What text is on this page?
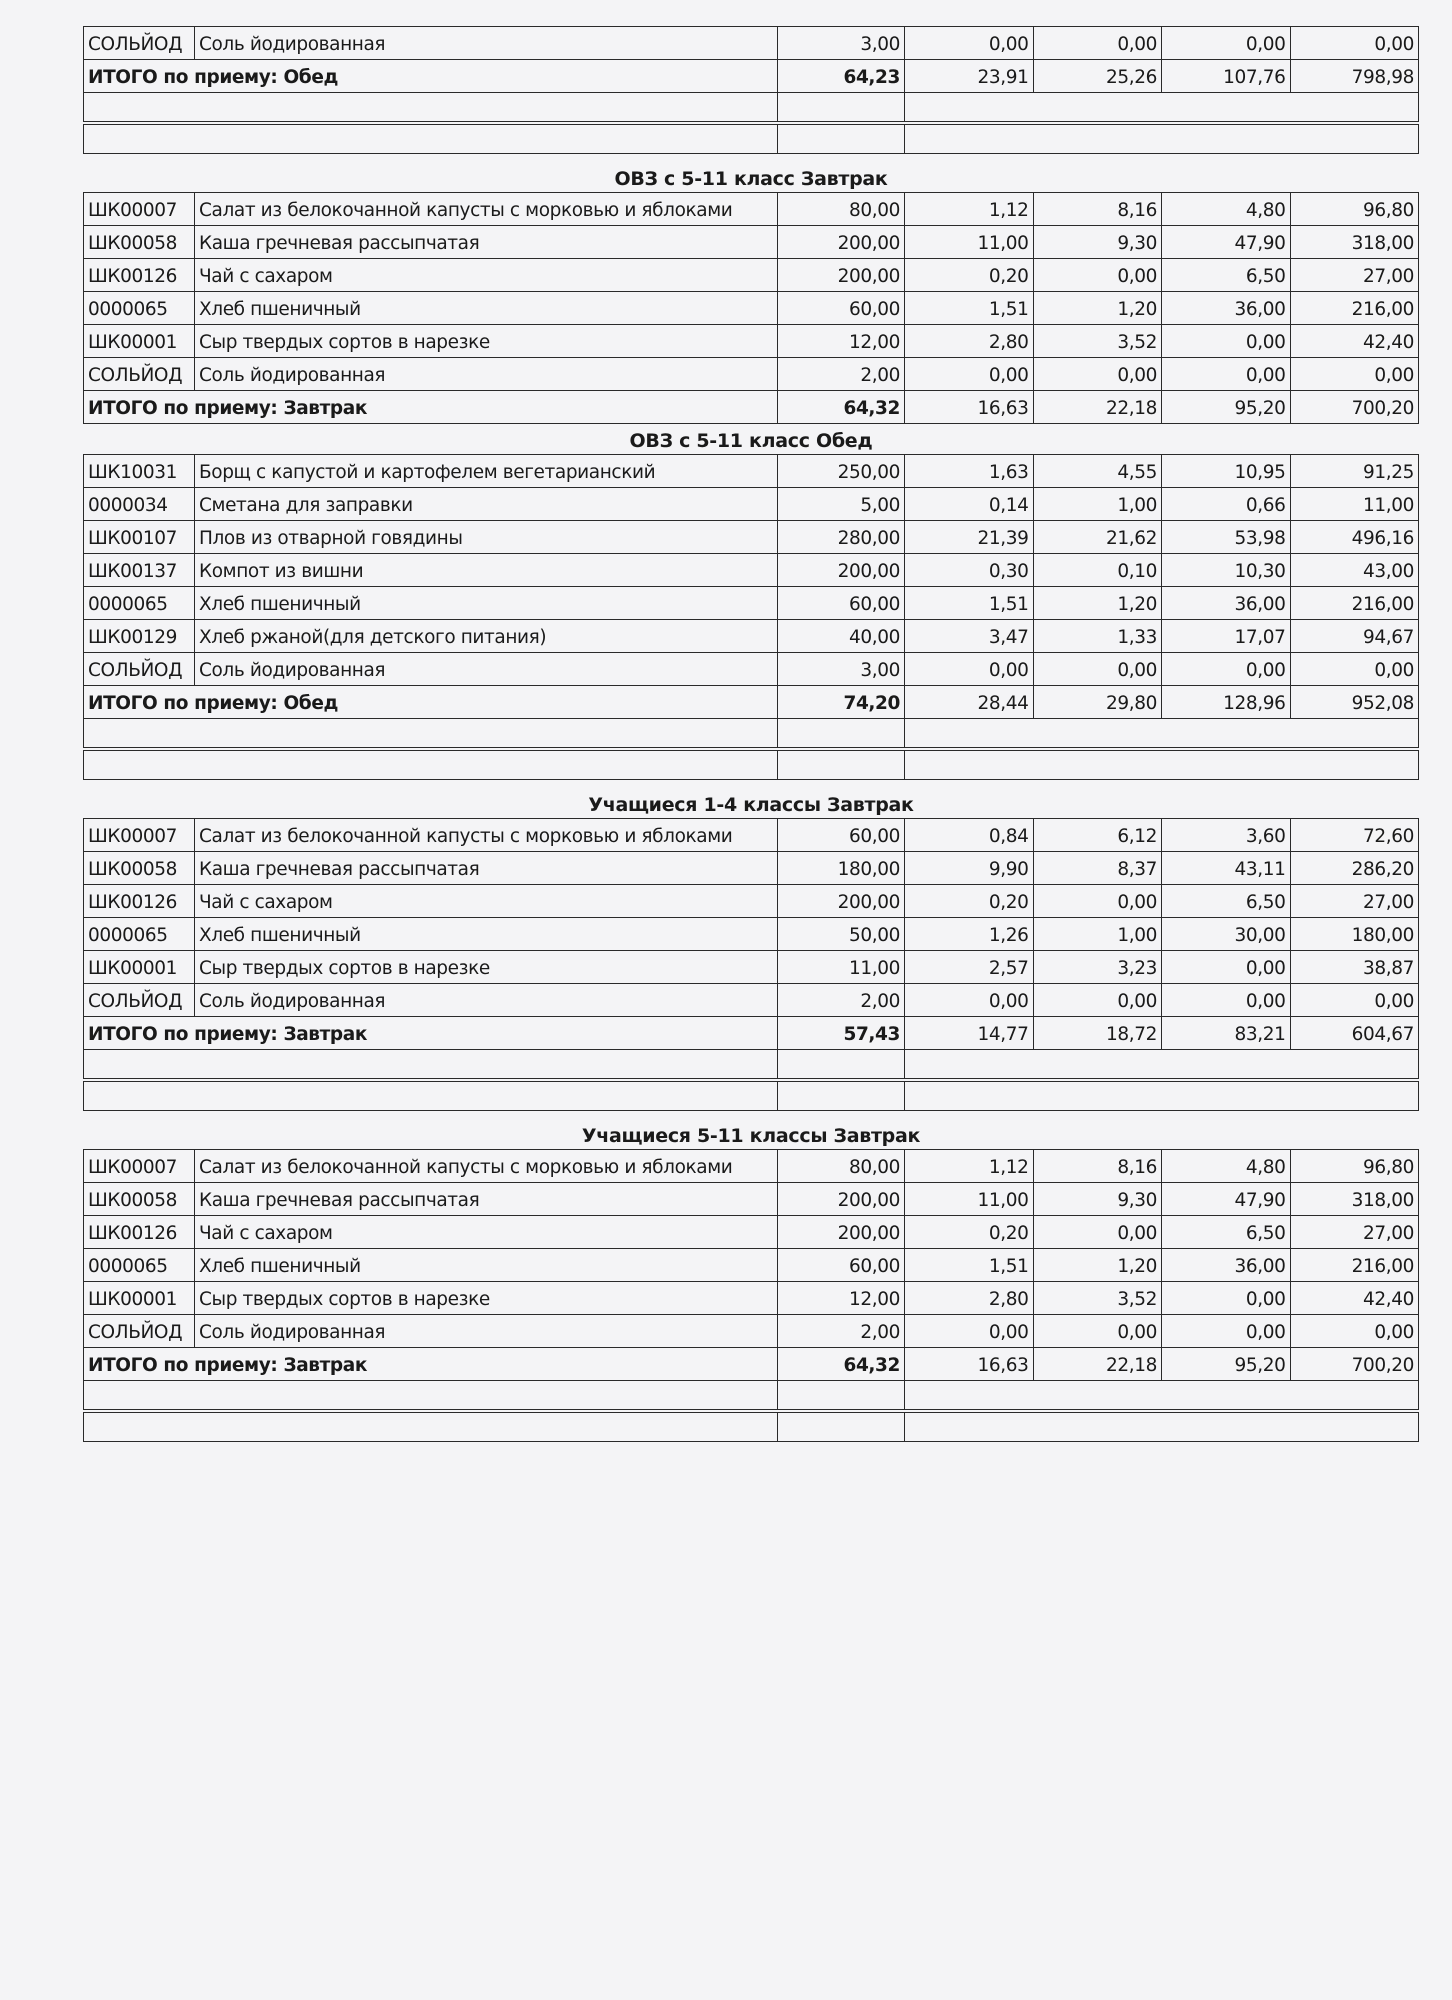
СОЛЬЙОД	Соль йодированная	3,00	0,00	0,00	0,00	0,00
ИТОГО по приему: Обед		64,23	23,91	25,26	107,76	798,98

ОВЗ с 5-11 класс Завтрак
ШК00007	Салат из белокочанной капусты с морковью и яблоками	80,00	1,12	8,16	4,80	96,80
ШК00058	Каша гречневая рассыпчатая	200,00	11,00	9,30	47,90	318,00
ШК00126	Чай с сахаром	200,00	0,20	0,00	6,50	27,00
0000065	Хлеб пшеничный	60,00	1,51	1,20	36,00	216,00
ШК00001	Сыр твердых сортов в нарезке	12,00	2,80	3,52	0,00	42,40
СОЛЬЙОД	Соль йодированная	2,00	0,00	0,00	0,00	0,00
ИТОГО по приему: Завтрак		64,32	16,63	22,18	95,20	700,20
ОВЗ с 5-11 класс Обед
ШК10031	Борщ с капустой и картофелем вегетарианский	250,00	1,63	4,55	10,95	91,25
0000034	Сметана для заправки	5,00	0,14	1,00	0,66	11,00
ШК00107	Плов из отварной говядины	280,00	21,39	21,62	53,98	496,16
ШК00137	Компот из вишни	200,00	0,30	0,10	10,30	43,00
0000065	Хлеб пшеничный	60,00	1,51	1,20	36,00	216,00
ШК00129	Хлеб ржаной(для детского питания)	40,00	3,47	1,33	17,07	94,67
СОЛЬЙОД	Соль йодированная	3,00	0,00	0,00	0,00	0,00
ИТОГО по приему: Обед		74,20	28,44	29,80	128,96	952,08

Учащиеся 1-4 классы Завтрак
ШК00007	Салат из белокочанной капусты с морковью и яблоками	60,00	0,84	6,12	3,60	72,60
ШК00058	Каша гречневая рассыпчатая	180,00	9,90	8,37	43,11	286,20
ШК00126	Чай с сахаром	200,00	0,20	0,00	6,50	27,00
0000065	Хлеб пшеничный	50,00	1,26	1,00	30,00	180,00
ШК00001	Сыр твердых сортов в нарезке	11,00	2,57	3,23	0,00	38,87
СОЛЬЙОД	Соль йодированная	2,00	0,00	0,00	0,00	0,00
ИТОГО по приему: Завтрак		57,43	14,77	18,72	83,21	604,67

Учащиеся 5-11 классы Завтрак
ШК00007	Салат из белокочанной капусты с морковью и яблоками	80,00	1,12	8,16	4,80	96,80
ШК00058	Каша гречневая рассыпчатая	200,00	11,00	9,30	47,90	318,00
ШК00126	Чай с сахаром	200,00	0,20	0,00	6,50	27,00
0000065	Хлеб пшеничный	60,00	1,51	1,20	36,00	216,00
ШК00001	Сыр твердых сортов в нарезке	12,00	2,80	3,52	0,00	42,40
СОЛЬЙОД	Соль йодированная	2,00	0,00	0,00	0,00	0,00
ИТОГО по приему: Завтрак		64,32	16,63	22,18	95,20	700,20
